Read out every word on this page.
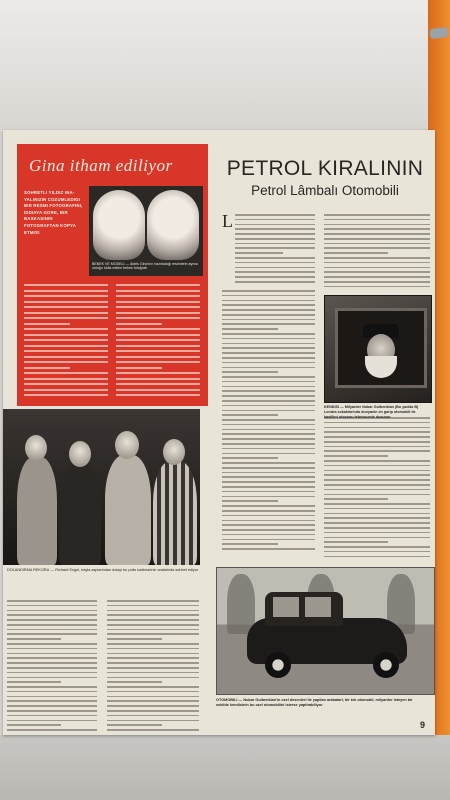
Gina itham ediliyor
SOHRETLI YILDIZ INA-YALINIZIN COZUMLEDIGI BIR RESMI FOTOGRAFINI, IDDIAYA GORE, BIR BASKASININ FOTOGRAFTAN KOPYA ETMIS!
BEBEK VE MODELI — Aktris Gina'nın hazırladığı resimlerin aynısı olduğu iddia edilen bebek fotoğrafı
PETROL KIRALININ
Petrol Lâmbalı Otomobili
L
KENDISI — Milyarder Nubar Gulbenkian (Bu yazida B) Londra sokaklarinda dunyanin en garip otomobili ile kasifleri otosunu tebessumle dusunur
DOLANDIRMA REKORU — Richard Engel, bayla asplarindan dolayi bu polis kadinlarinin aralarinda sohbet ediyor
OTOMOBILI — Nubar Gulbenkian'in ozel desenleri ile yapilan arabalari, bir tek otomobil, milyarder isteyen bir sekilde kendisinin bu ozel otomobilini isterse yaptirabiliyor
9
